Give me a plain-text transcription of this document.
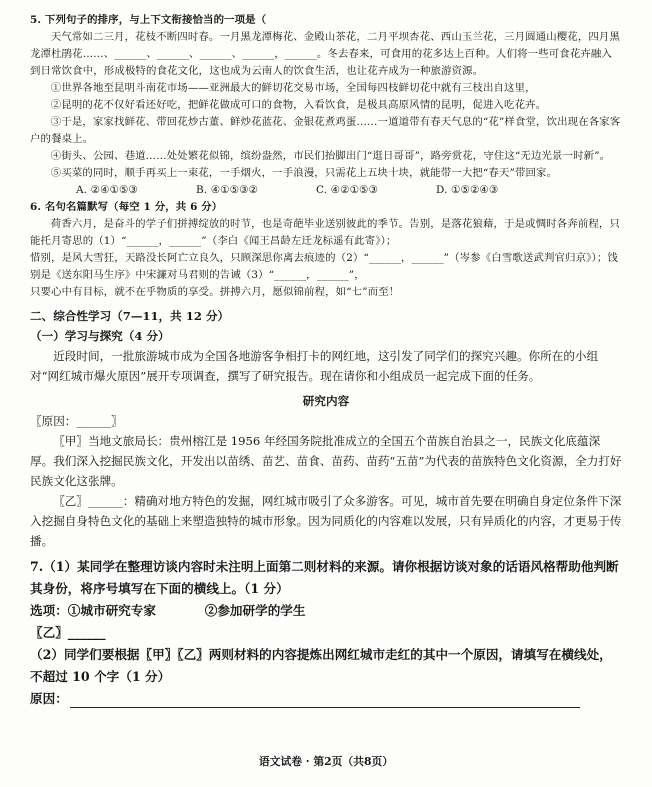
5. 下列句子的排序，与上下文衔接恰当的一项是（

天气常如二三月，花枝不断四时春。一月黑龙潭梅花、金殿山茶花，二月平坝杏花、西山玉兰花，三月圆通山樱花，四月黑龙潭杜鹃花……、______、______、______、______，______。冬去春来，可食用的花多达上百种。人们将一些可食花卉融入到日常饮食中，形成极特的食花文化，这也成为云南人的饮食生活，也让花卉成为一种旅游资源。

①世界各地至昆明斗南花市场——亚洲最大的鲜切花交易市场，全国每四枝鲜切花中就有三枝出自这里，

②昆明的花不仅好看还好吃，把鲜花做成可口的食物，入看饮食，是极具高原风情的昆明，促进入吃花卉。

③于是，家家找鲜花、带回花炒古董、鲜炒花蓝花、金银花煮鸡蛋……一道道带有春天气息的“花”样食堂，饮出现在各家客户的餐桌上。

④街头、公园、巷道……处处繁花似锦，缤纷盎然，市民们抬脚出门“逛日哥哥”，路旁赏花，守住这“无边光景一时新”。

⑤买菜的同时，顺手再买上一束花，一手烟火，一手浪漫，只需花上五块十块，就能带一大把“春天”带回家。

A. ②④①⑤③	B. ④①⑤③②	C. ④②①⑤③	D. ①⑤②④③

6. 名句名篇默写（每空 1 分，共 6 分）

荷香六月，是奋斗的学子们拼搏绽放的时节，也是奇葩毕业送别彼此的季节。告别，是落花狼藉，于是或惆时各奔前程，只能托月寄思的（1）“______，______”（李白《闻王昌龄左迁龙标遥有此寄》）；

惜别，是风大雪狂，天路没长阿亡立良久，只顾深思你离去痕迹的（2）“______，______”（岑参《白雪歌送武判官归京》）；饯别是《送东阳马生序》中宋濂对马君则的告诫（3）“______，______”，

只要心中有目标，就不在乎物质的享受。拼搏六月，愿似锦前程，如“七”而至！

二、综合性学习（7—11，共 12 分）

（一）学习与探究（4 分）

近段时间，一批旅游城市成为全国各地游客争相打卡的网红地，这引发了同学们的探究兴趣。你所在的小组对“网红城市爆火原因”展开专项调查，撰写了研究报告。现在请你和小组成员一起完成下面的任务。

研究内容

〖原因：______〗

〖甲〗当地文旅局长：贵州榕江是 1956 年经国务院批准成立的全国五个苗族自治县之一，民族文化底蕴深厚。我们深入挖掘民族文化，开发出以苗绣、苗艺、苗食、苗药、苗药“五苗”为代表的苗族特色文化资源，全力打好民族文化这张牌。

〖乙〗______：精确对地方特色的发掘，网红城市吸引了众多游客。可见，城市首先要在明确自身定位条件下深入挖掘自身特色文化的基础上来塑造独特的城市形象。因为同质化的内容难以发展，只有异质化的内容，才更易于传播。

7.（1）某同学在整理访谈内容时未注明上面第二则材料的来源。请你根据访谈对象的话语风格帮助他判断其身份，将序号填写在下面的横线上。（1 分）

选项：①城市研究专家	②参加研学的学生

〖乙〗______

（2）同学们要根据〖甲〗〖乙〗两则材料的内容提炼出网红城市走红的其中一个原因，请填写在横线处，不超过 10 个字（1 分）

原因：

语文试卷 · 第2页（共8页）
